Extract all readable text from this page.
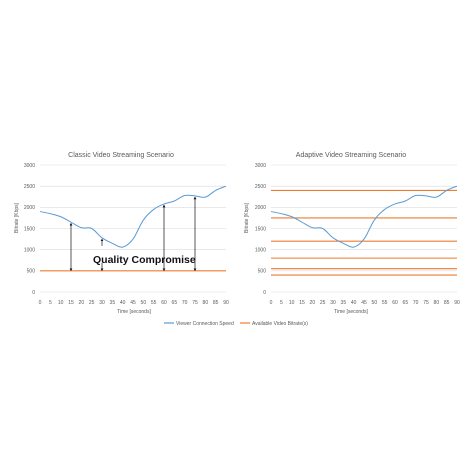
Classic Video Streaming Scenario
Time [seconds]
Bitrate [Kbps]
0
500
1000
1500
2000
2500
3000
0 5 10 15 20 25 30 35 40 45 50 55 60 65 70 75 80 85 90
Quality Compromise
Adaptive Video Streaming Scenario
Time [seconds]
Bitrate [Kbps]
0
500
1000
1500
2000
2500
3000
0 5 10 15 20 25 30 35 40 45 50 55 60 65 70 75 80 85 90
Viewer Connection Speed	Available Video Bitrate(s)
